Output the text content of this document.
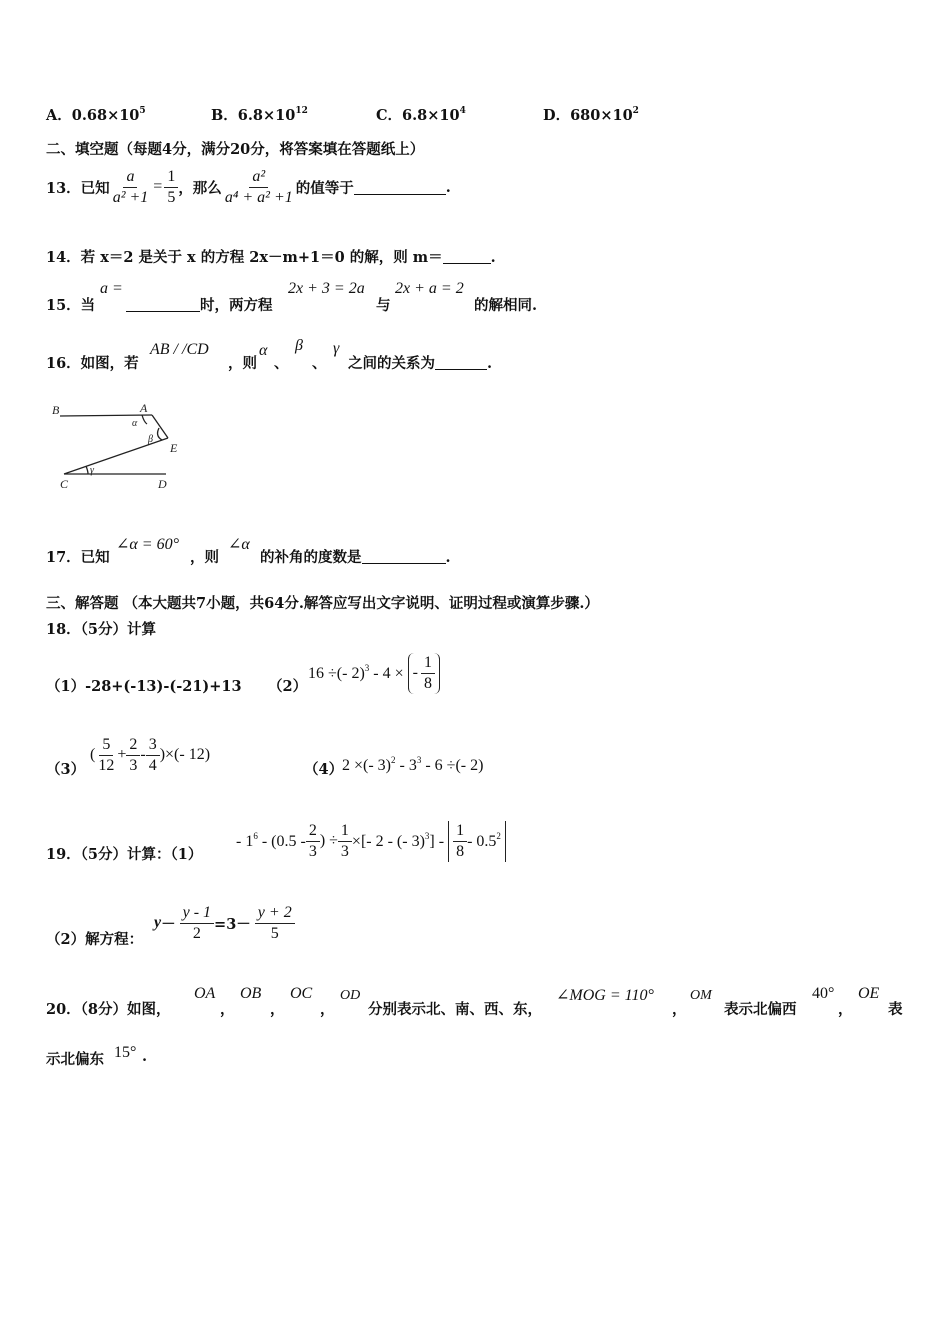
A．$0.68\times 10^5$	B．$6.8\times 10^{12}$	C．$6.8\times 10^4$	D．$680\times 10^2$
二、填空题（每题4分，满分20分，将答案填在答题纸上）
13．已知 $\frac{a}{\text{a² +1}} = \frac{1}{5}$ ，那么 $\frac{\text{a²}}{\text{a⁴ + a² +1}}$ 的值等于	.
14．若 x＝2 是关于 x 的方程 2x－m+1＝0 的解，则 m＝	.
15．当
a =
时，两方程
2x + 3 = 2a
与
2x + a = 2
的解相同.
16．如图，若
AB / /CD
，则
α
、
β
、
γ
之间的关系为	.
B	A
E
C	D
α
β
γ
17．已知
∠α = 60°
，则
∠α
的补角的度数是	.
三、解答题 （本大题共7小题，共64分.解答应写出文字说明、证明过程或演算步骤.）
18．（5分）计算
（1）-28+(-13)-(-21)+13 （2）
16 ÷(- 2)$^3$ - 4 × - $\frac{1}{8}$
（3）
( $\frac{5}{12} + \frac{2}{3} - \frac{3}{4}$ )×(- 12)
（4）
2 ×(- $3)^2 - 3^3 - 6$ ÷(- 2)
19．（5分）计算：（1）
- $1^6 - (0.5 - \frac{2}{3}$ ) ÷ $\frac{1}{3}$ ×[- 2 - (- $3)^3] - \frac{1}{8} - 0.5^2$
（2）解方程：
$y - \frac{y - 1}{2} =3- \frac{y + 2}{5}$
20．（8分）如图，
OA
，
OB
，
OC
，
OD
分别表示北、南、西、东，
∠MOG = 110°
，
OM
表示北偏西
40°
，
OE
表
示北偏东 15° .
